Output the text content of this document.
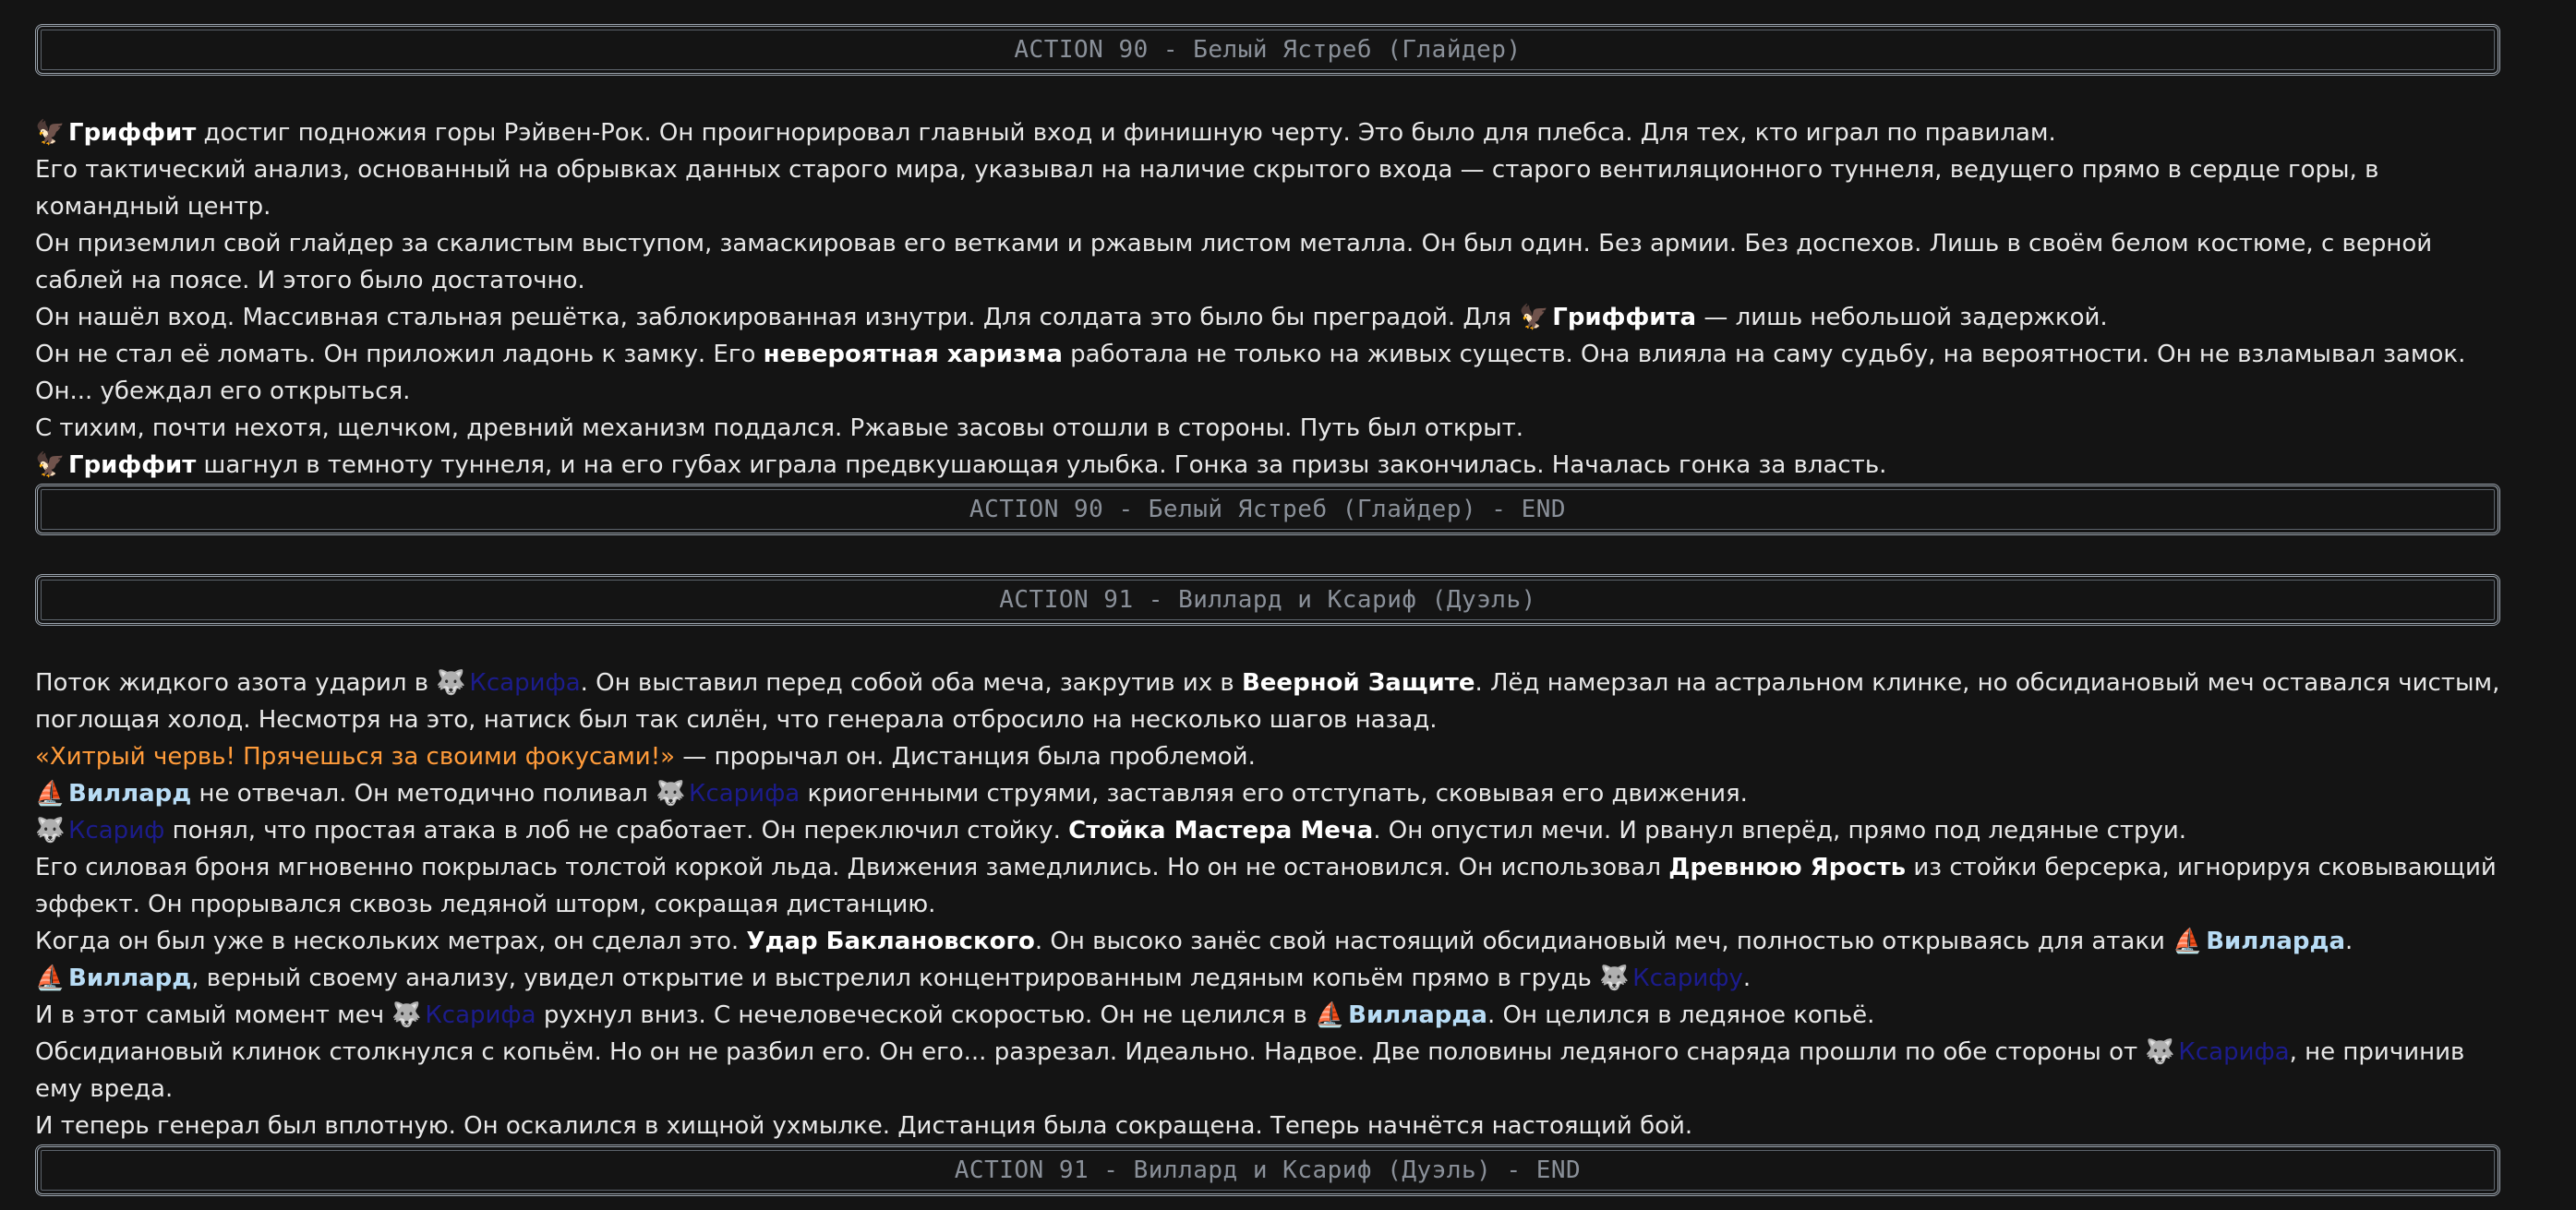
ACTION 90 - Белый Ястреб (Глайдер)

🦅 Гриффит достиг подножия горы Рэйвен-Рок. Он проигнорировал главный вход и финишную черту. Это было для плебса. Для тех, кто играл по правилам.

Его тактический анализ, основанный на обрывках данных старого мира, указывал на наличие скрытого входа — старого вентиляционного туннеля, ведущего прямо в сердце горы, в командный центр.

Он приземлил свой глайдер за скалистым выступом, замаскировав его ветками и ржавым листом металла. Он был один. Без армии. Без доспехов. Лишь в своём белом костюме, с верной саблей на поясе. И этого было достаточно.

Он нашёл вход. Массивная стальная решётка, заблокированная изнутри. Для солдата это было бы преградой. Для 🦅 Гриффита — лишь небольшой задержкой.

Он не стал её ломать. Он приложил ладонь к замку. Его невероятная харизма работала не только на живых существ. Она влияла на саму судьбу, на вероятности. Он не взламывал замок. Он... убеждал его открыться.

С тихим, почти нехотя, щелчком, древний механизм поддался. Ржавые засовы отошли в стороны. Путь был открыт.

🦅 Гриффит шагнул в темноту туннеля, и на его губах играла предвкушающая улыбка. Гонка за призы закончилась. Началась гонка за власть.

ACTION 90 - Белый Ястреб (Глайдер) - END
ACTION 91 - Виллард и Ксариф (Дуэль)

Поток жидкого азота ударил в 🐺 Ксарифа. Он выставил перед собой оба меча, закрутив их в Веерной Защите. Лёд намерзал на астральном клинке, но обсидиановый меч оставался чистым, поглощая холод. Несмотря на это, натиск был так силён, что генерала отбросило на несколько шагов назад.

«Хитрый червь! Прячешься за своими фокусами!» — прорычал он. Дистанция была проблемой.

⛵ Виллард не отвечал. Он методично поливал 🐺 Ксарифа криогенными струями, заставляя его отступать, сковывая его движения.

🐺 Ксариф понял, что простая атака в лоб не сработает. Он переключил стойку. Стойка Мастера Меча. Он опустил мечи. И рванул вперёд, прямо под ледяные струи.

Его силовая броня мгновенно покрылась толстой коркой льда. Движения замедлились. Но он не остановился. Он использовал Древнюю Ярость из стойки берсерка, игнорируя сковывающий эффект. Он прорывался сквозь ледяной шторм, сокращая дистанцию.

Когда он был уже в нескольких метрах, он сделал это. Удар Баклановского. Он высоко занёс свой настоящий обсидиановый меч, полностью открываясь для атаки ⛵ Вилларда.

⛵ Виллард, верный своему анализу, увидел открытие и выстрелил концентрированным ледяным копьём прямо в грудь 🐺 Ксарифу.

И в этот самый момент меч 🐺 Ксарифа рухнул вниз. С нечеловеческой скоростью. Он не целился в ⛵ Вилларда. Он целился в ледяное копьё.

Обсидиановый клинок столкнулся с копьём. Но он не разбил его. Он его... разрезал. Идеально. Надвое. Две половины ледяного снаряда прошли по обе стороны от 🐺 Ксарифа, не причинив ему вреда.

И теперь генерал был вплотную. Он оскалился в хищной ухмылке. Дистанция была сокращена. Теперь начнётся настоящий бой.

ACTION 91 - Виллард и Ксариф (Дуэль) - END
